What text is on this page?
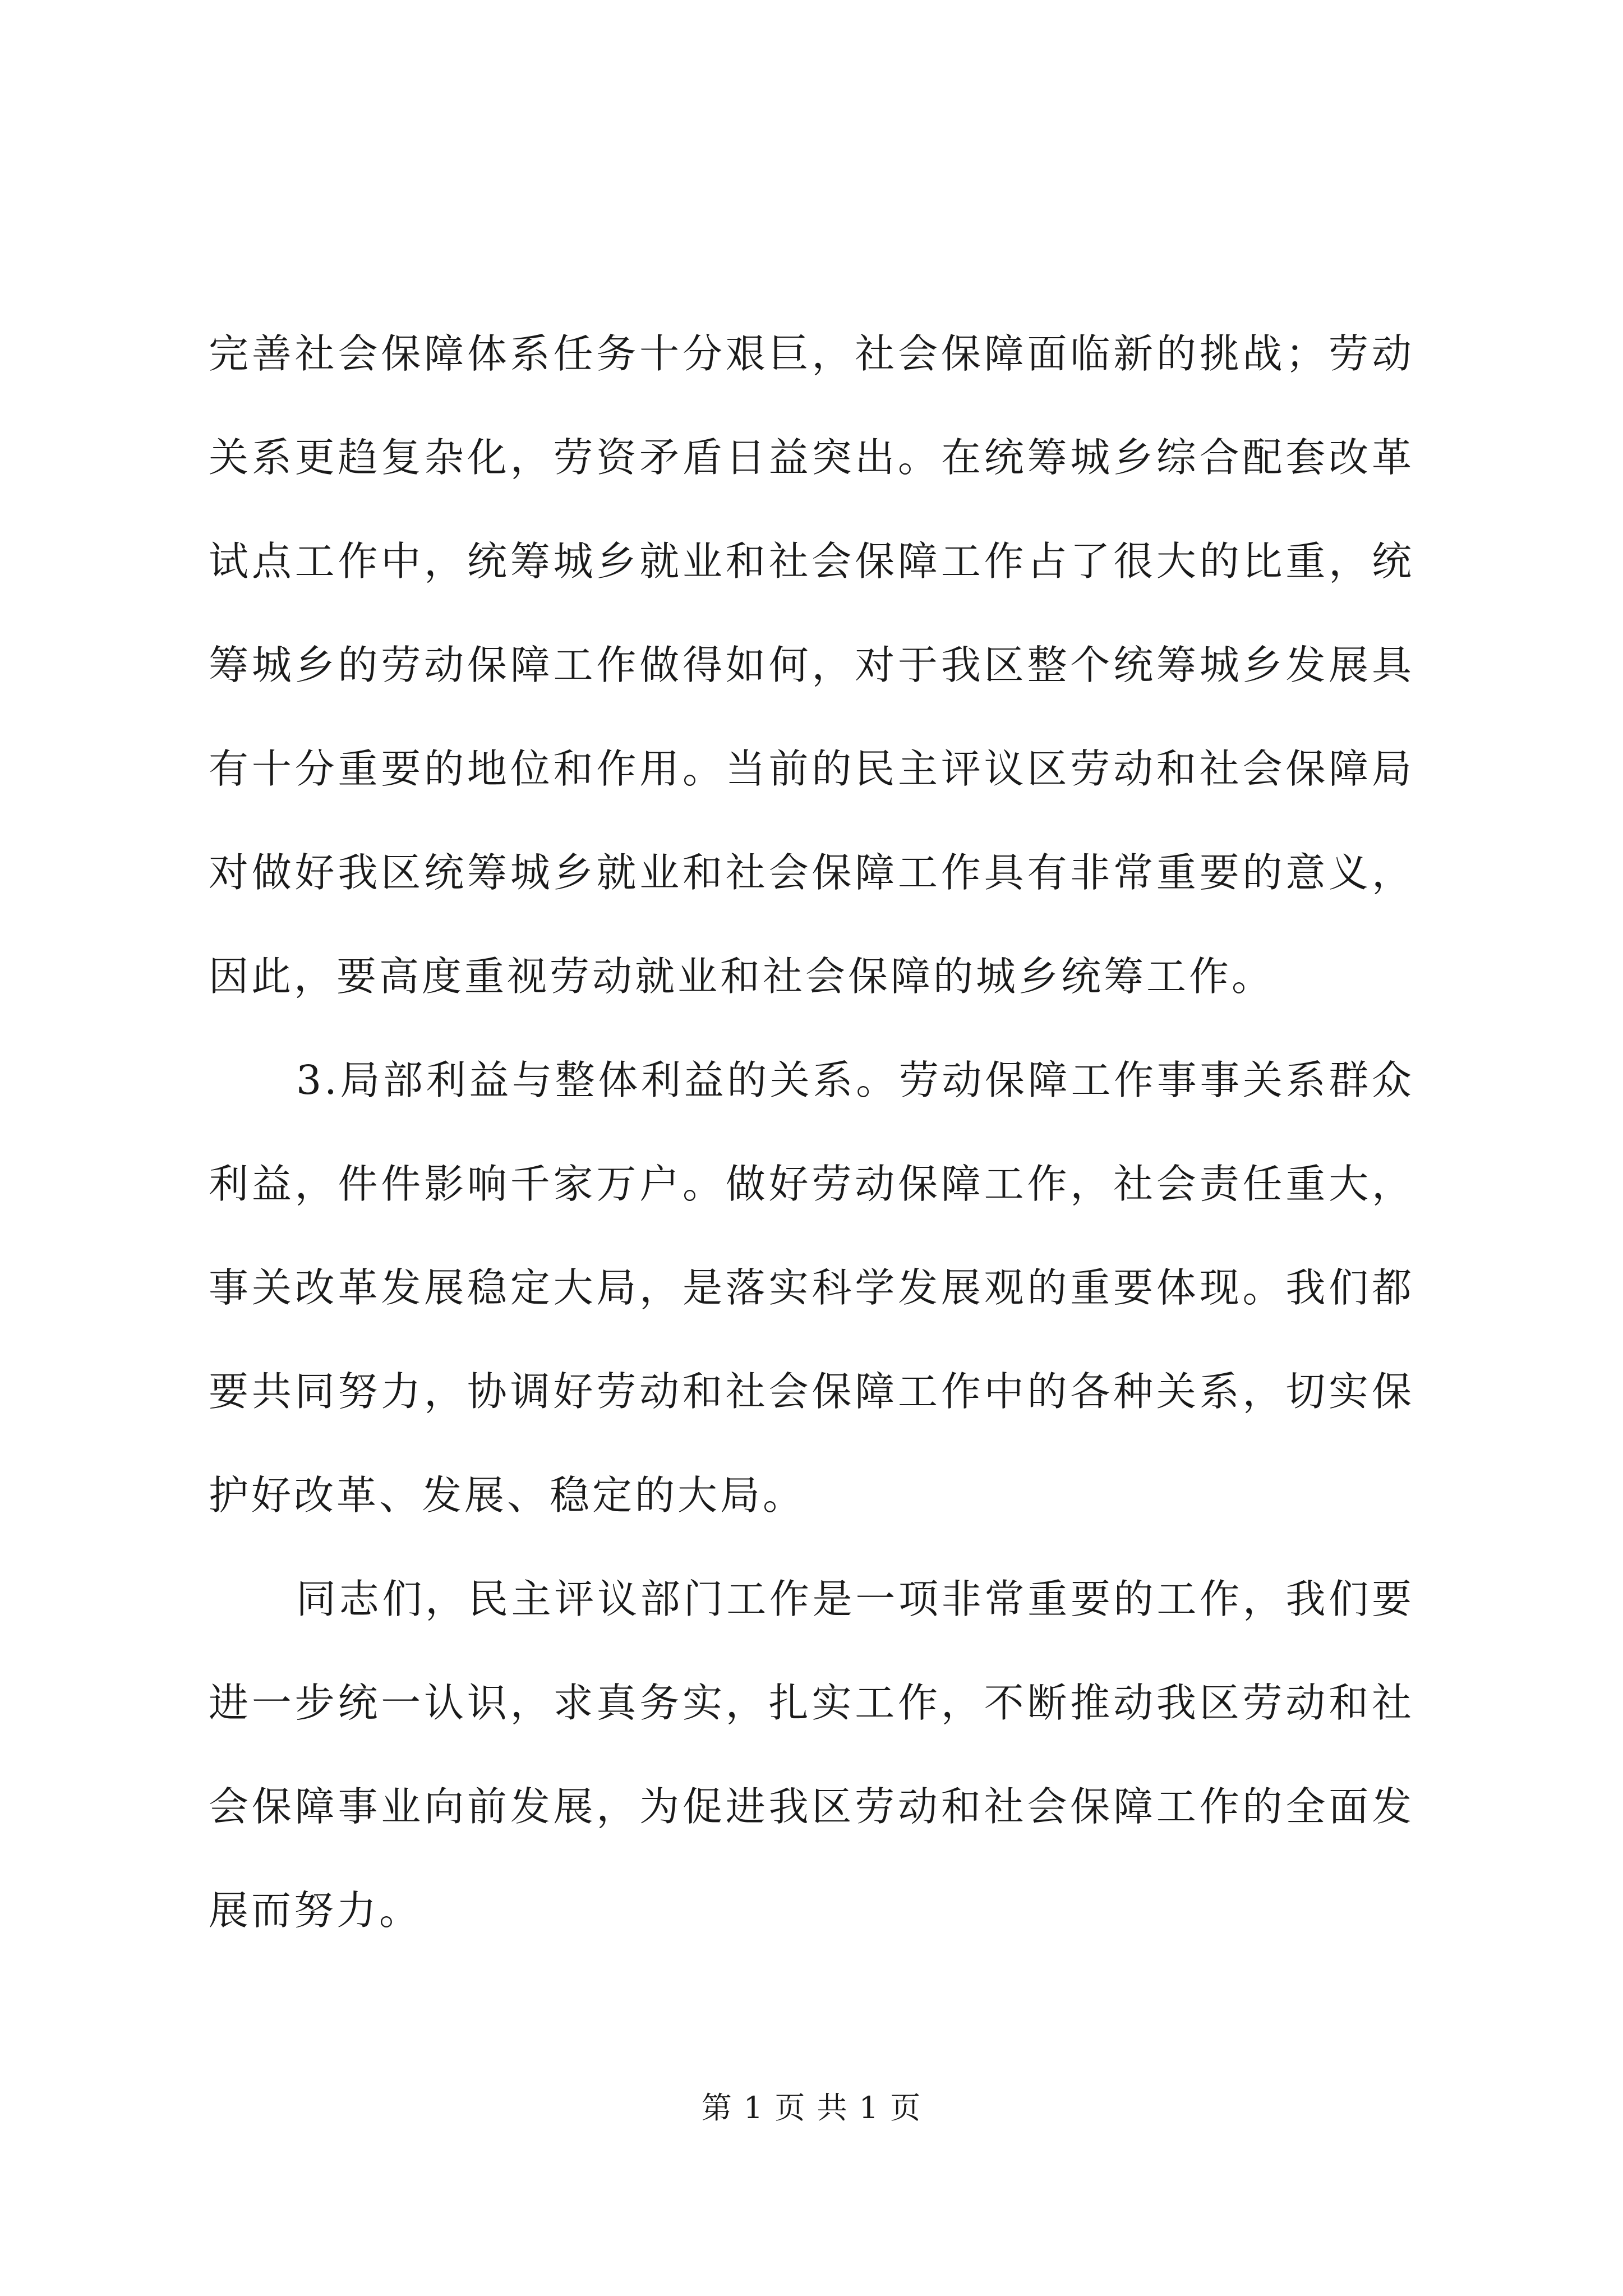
完善社会保障体系任务十分艰巨，社会保障面临新的挑战；劳动关系更趋复杂化，劳资矛盾日益突出。在统筹城乡综合配套改革试点工作中，统筹城乡就业和社会保障工作占了很大的比重，统筹城乡的劳动保障工作做得如何，对于我区整个统筹城乡发展具有十分重要的地位和作用。当前的民主评议区劳动和社会保障局对做好我区统筹城乡就业和社会保障工作具有非常重要的意义，因此，要高度重视劳动就业和社会保障的城乡统筹工作。

3.局部利益与整体利益的关系。劳动保障工作事事关系群众利益，件件影响千家万户。做好劳动保障工作，社会责任重大，事关改革发展稳定大局，是落实科学发展观的重要体现。我们都要共同努力，协调好劳动和社会保障工作中的各种关系，切实保护好改革、发展、稳定的大局。

同志们，民主评议部门工作是一项非常重要的工作，我们要进一步统一认识，求真务实，扎实工作，不断推动我区劳动和社会保障事业向前发展，为促进我区劳动和社会保障工作的全面发展而努力。

第 1 页 共 1 页
